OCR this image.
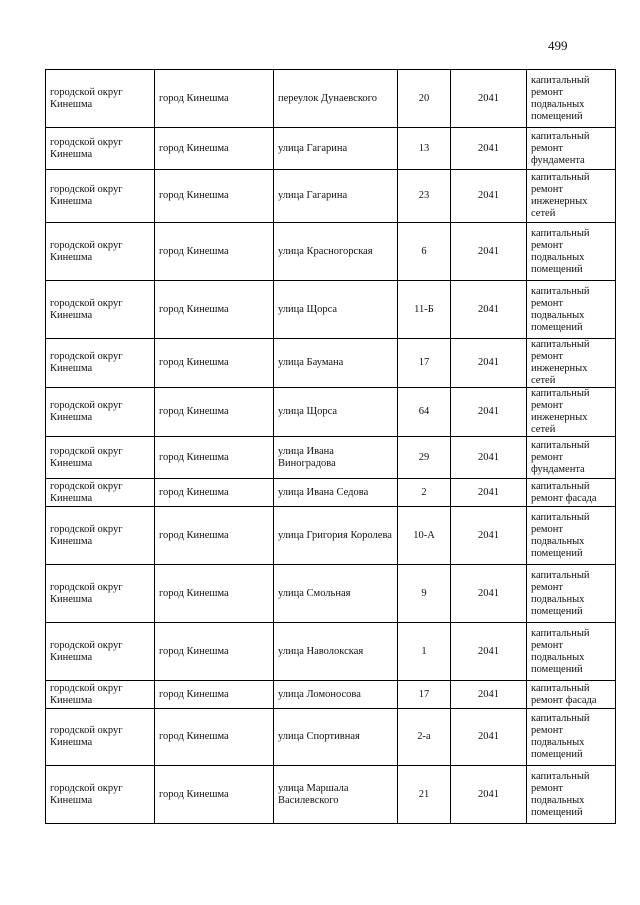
499
городской округ Кинешма	город Кинешма	переулок Дунаевского	20	2041	капитальный ремонт подвальных помещений
городской округ Кинешма	город Кинешма	улица Гагарина	13	2041	капитальный ремонт фундамента
городской округ Кинешма	город Кинешма	улица Гагарина	23	2041	капитальный ремонт инженерных сетей
городской округ Кинешма	город Кинешма	улица Красногорская	6	2041	капитальный ремонт подвальных помещений
городской округ Кинешма	город Кинешма	улица Щорса	11-Б	2041	капитальный ремонт подвальных помещений
городской округ Кинешма	город Кинешма	улица Баумана	17	2041	капитальный ремонт инженерных сетей
городской округ Кинешма	город Кинешма	улица Щорса	64	2041	капитальный ремонт инженерных сетей
городской округ Кинешма	город Кинешма	улица Ивана Виноградова	29	2041	капитальный ремонт фундамента
городской округ Кинешма	город Кинешма	улица Ивана Седова	2	2041	капитальный ремонт фасада
городской округ Кинешма	город Кинешма	улица Григория Королева	10-А	2041	капитальный ремонт подвальных помещений
городской округ Кинешма	город Кинешма	улица Смольная	9	2041	капитальный ремонт подвальных помещений
городской округ Кинешма	город Кинешма	улица Наволокская	1	2041	капитальный ремонт подвальных помещений
городской округ Кинешма	город Кинешма	улица Ломоносова	17	2041	капитальный ремонт фасада
городской округ Кинешма	город Кинешма	улица Спортивная	2-а	2041	капитальный ремонт подвальных помещений
городской округ Кинешма	город Кинешма	улица Маршала Василевского	21	2041	капитальный ремонт подвальных помещений
